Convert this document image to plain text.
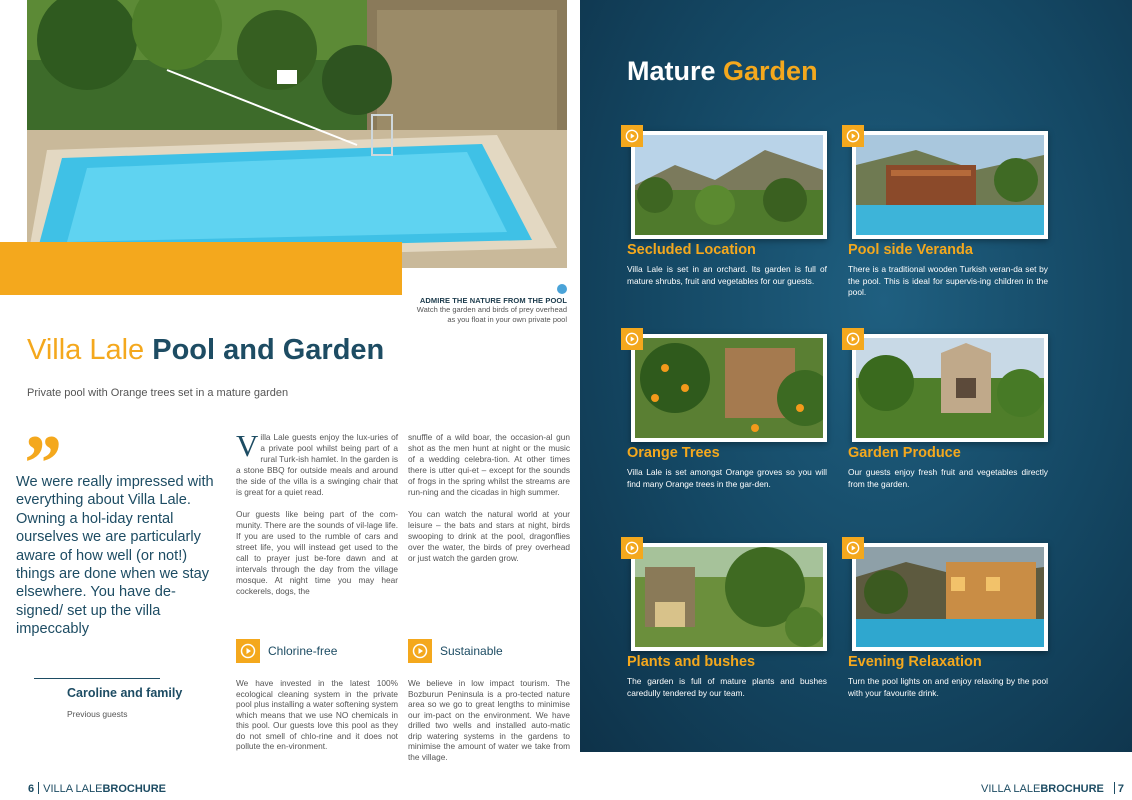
ADMIRE THE NATURE FROM THE POOL
Watch the garden and birds of prey overhead
as you float in your own private pool
Villa Lale Pool and Garden
Private pool with Orange trees set in a mature garden
”
We were really impressed with everything about Villa Lale. Owning a hol-iday rental ourselves we are particularly aware of how well (or not!) things are done when we stay elsewhere. You have de-signed/ set up the villa impeccably
Caroline and family
Previous guests

Villa Lale guests enjoy the lux-uries of a private pool whilst being part of a rural Turk-ish hamlet. In the garden is a stone BBQ for outside meals and around the side of the villa is a swinging chair that is great for a quiet read.

Our guests like being part of the com-munity. There are the sounds of vil-lage life. If you are used to the rumble of cars and street life, you will instead get used to the call to prayer just be-fore dawn and at intervals through the day from the village mosque. At night time you may hear cockerels, dogs, the

snuffle of a wild boar, the occasion-al gun shot as the men hunt at night or the music of a wedding celebra-tion. At other times there is utter qui-et – except for the sounds of frogs in the spring whilst the streams are run-ning and the cicadas in high summer.

You can watch the natural world at your leisure – the bats and stars at night, birds swooping to drink at the pool, dragonflies over the water, the birds of prey overhead or just watch the garden grow.

Chlorine-free
We have invested in the latest 100% ecological cleaning system in the private pool plus installing a water softening system which means that we use NO chemicals in this pool. Our guests love this pool as they do not smell of chlo-rine and it does not pollute the en-vironment.
Sustainable
We believe in low impact tourism. The Bozburun Peninsula is a pro-tected nature area so we go to great lengths to minimise our im-pact on the environment. We have drilled two wells and installed auto-matic drip watering systems in the gardens to minimise the amount of water we take from the village.
6 VILLA LALEBROCHURE
Mature Garden
Secluded Location
Villa Lale is set in an orchard. Its garden is full of mature shrubs, fruit and vegetables for our guests.
Pool side Veranda
There is a traditional wooden Turkish veran-da set by the pool. This is ideal for supervis-ing children in the pool.
Orange Trees
Villa Lale is set amongst Orange groves so you will find many Orange trees in the gar-den.
Garden Produce
Our guests enjoy fresh fruit and vegetables directly from the garden.
Plants and bushes
The garden is full of mature plants and bushes caredully tendered by our team.
Evening Relaxation
Turn the pool lights on and enjoy relaxing by the pool with your favourite drink.
VILLA LALEBROCHURE 7
